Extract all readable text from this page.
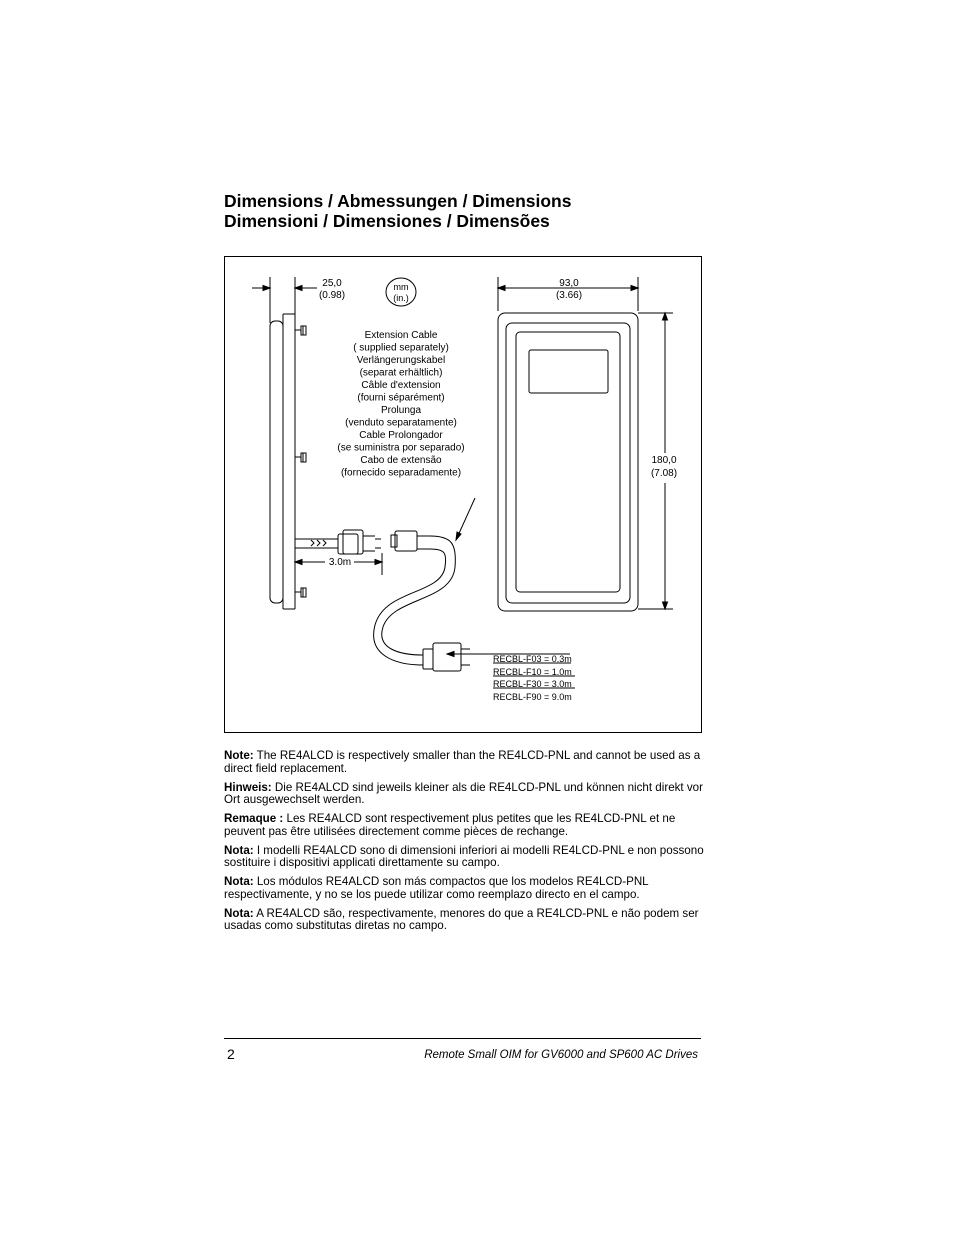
Dimensions / Abmessungen / Dimensions
Dimensioni / Dimensiones / Dimensões
25,0
(0.98)
mm
(in.)
93,0
(3.66)
180,0
(7.08)
3.0m
Extension Cable
( supplied separately)
Verlängerungskabel
(separat erhältlich)
Câble d'extension
(fourni séparément)
Prolunga
(venduto separatamente)
Cable Prolongador
(se suministra por separado)
Cabo de extensão
(fornecido separadamente)
RECBL-F03 = 0.3m
RECBL-F10 = 1.0m
RECBL-F30 = 3.0m
RECBL-F90 = 9.0m

Note: The RE4ALCD is respectively smaller than the RE4LCD-PNL and cannot be used as a direct field replacement.

Hinweis: Die RE4ALCD sind jeweils kleiner als die RE4LCD-PNL und können nicht direkt vor Ort ausgewechselt werden.

Remaque : Les RE4ALCD sont respectivement plus petites que les RE4LCD-PNL et ne peuvent pas être utilisées directement comme pièces de rechange.

Nota: I modelli RE4ALCD sono di dimensioni inferiori ai modelli RE4LCD-PNL e non possono sostituire i dispositivi applicati direttamente su campo.

Nota: Los módulos RE4ALCD son más compactos que los modelos RE4LCD-PNL respectivamente, y no se los puede utilizar como reemplazo directo en el campo.

Nota: A RE4ALCD são, respectivamente, menores do que a RE4LCD-PNL e não podem ser usadas como substitutas diretas no campo.

2	Remote Small OIM for GV6000 and SP600 AC Drives
